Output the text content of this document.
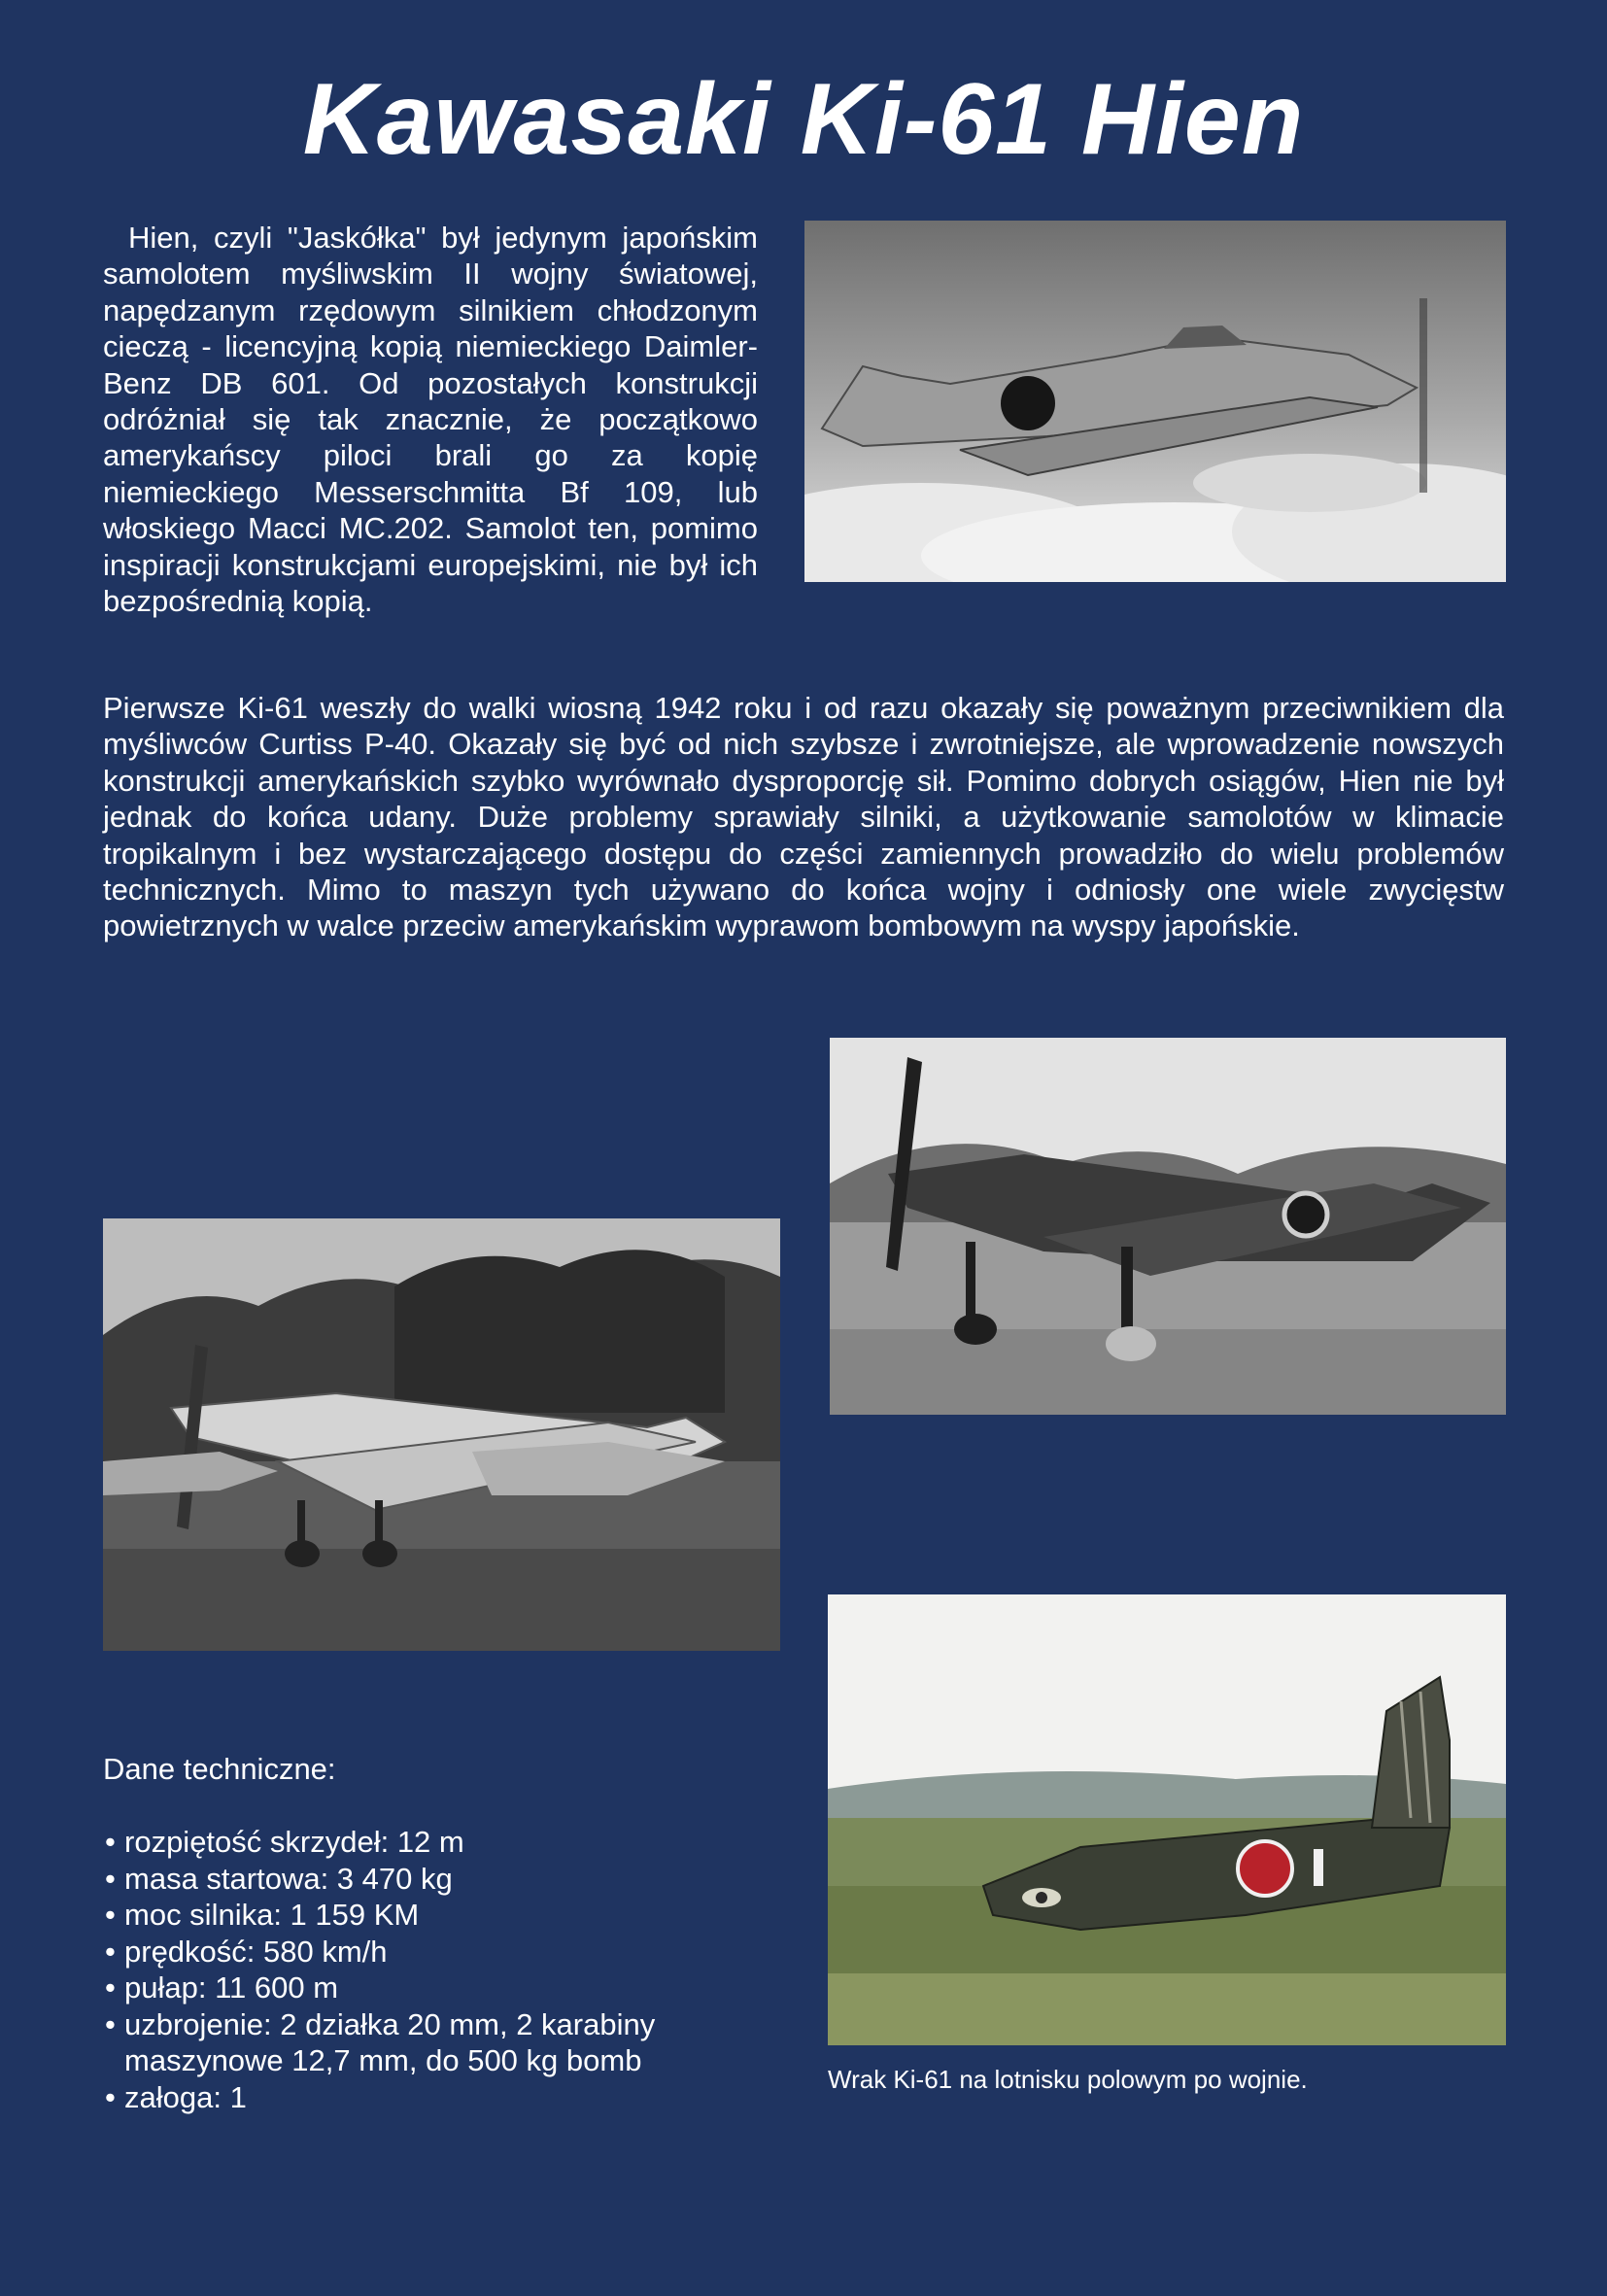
Kawasaki Ki-61 Hien

Hien, czyli "Jaskółka" był jedynym japońskim samolotem myśliwskim II wojny światowej, napędzanym rzędowym silnikiem chłodzonym cieczą - licencyjną kopią niemieckiego Daimler-Benz DB 601. Od pozostałych konstrukcji odróżniał się tak znacznie, że początkowo amerykańscy piloci brali go za kopię niemieckiego Messerschmitta Bf 109, lub włoskiego Macci MC.202. Samolot ten, pomimo inspiracji konstrukcjami europejskimi, nie był ich bezpośrednią kopią.

Pierwsze Ki-61 weszły do walki wiosną 1942 roku i od razu okazały się poważnym przeciwnikiem dla myśliwców Curtiss P-40. Okazały się być od nich szybsze i zwrotniejsze, ale wprowadzenie nowszych konstrukcji amerykańskich szybko wyrównało dysproporcję sił. Pomimo dobrych osiągów, Hien nie był jednak do końca udany. Duże problemy sprawiały silniki, a użytkowanie samolotów w klimacie tropikalnym i bez wystarczającego dostępu do części zamiennych prowadziło do wielu problemów technicznych. Mimo to maszyn tych używano do końca wojny i odniosły one wiele zwycięstw powietrznych w walce przeciw amerykańskim wyprawom bombowym na wyspy japońskie.

Dane techniczne:
• rozpiętość skrzydeł: 12 m
• masa startowa: 3 470 kg
• moc silnika: 1 159 KM
• prędkość: 580 km/h
• pułap: 11 600 m
• uzbrojenie: 2 działka 20 mm, 2 karabiny maszynowe 12,7 mm, do 500 kg bomb
• załoga: 1
Wrak Ki-61 na lotnisku polowym po wojnie.
